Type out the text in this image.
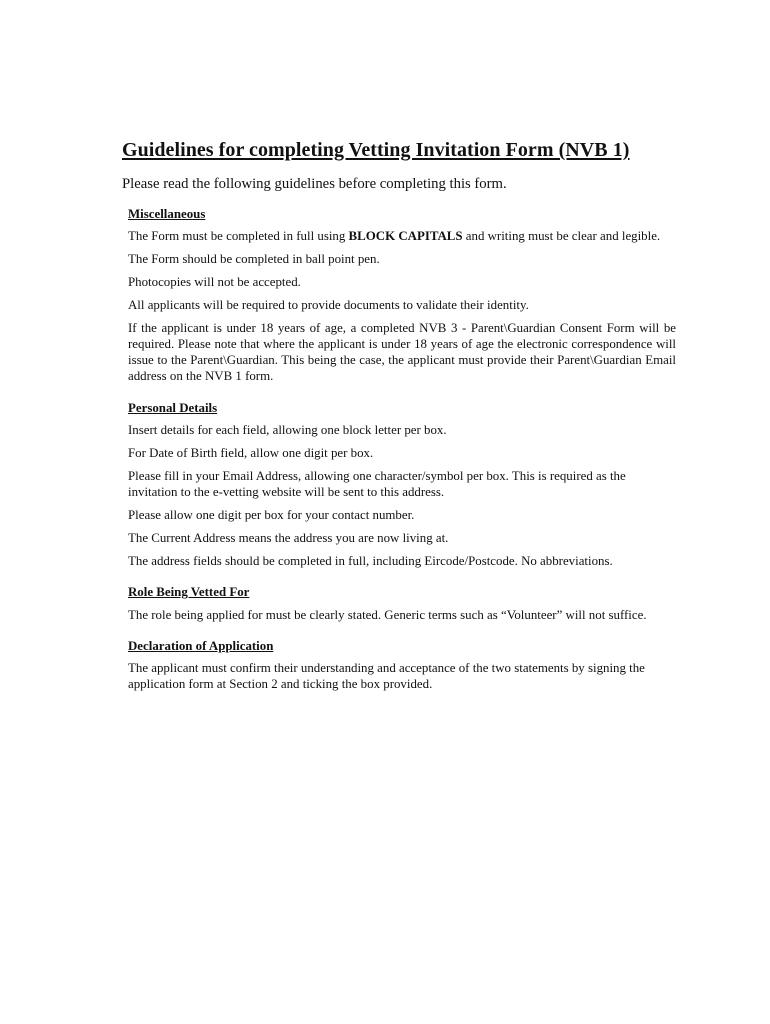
Guidelines for completing Vetting Invitation Form (NVB 1)
Please read the following guidelines before completing this form.
Miscellaneous

The Form must be completed in full using BLOCK CAPITALS and writing must be clear and legible.

The Form should be completed in ball point pen.

Photocopies will not be accepted.

All applicants will be required to provide documents to validate their identity.

If the applicant is under 18 years of age, a completed NVB 3 - Parent\Guardian Consent Form will be required. Please note that where the applicant is under 18 years of age the electronic correspondence will issue to the Parent\Guardian. This being the case, the applicant must provide their Parent\Guardian Email address on the NVB 1 form.

Personal Details

Insert details for each field, allowing one block letter per box.

For Date of Birth field, allow one digit per box.

Please fill in your Email Address, allowing one character/symbol per box. This is required as the invitation to the e-vetting website will be sent to this address.

Please allow one digit per box for your contact number.

The Current Address means the address you are now living at.

The address fields should be completed in full, including Eircode/Postcode. No abbreviations.

Role Being Vetted For

The role being applied for must be clearly stated. Generic terms such as “Volunteer” will not suffice.

Declaration of Application

The applicant must confirm their understanding and acceptance of the two statements by signing the application form at Section 2 and ticking the box provided.
